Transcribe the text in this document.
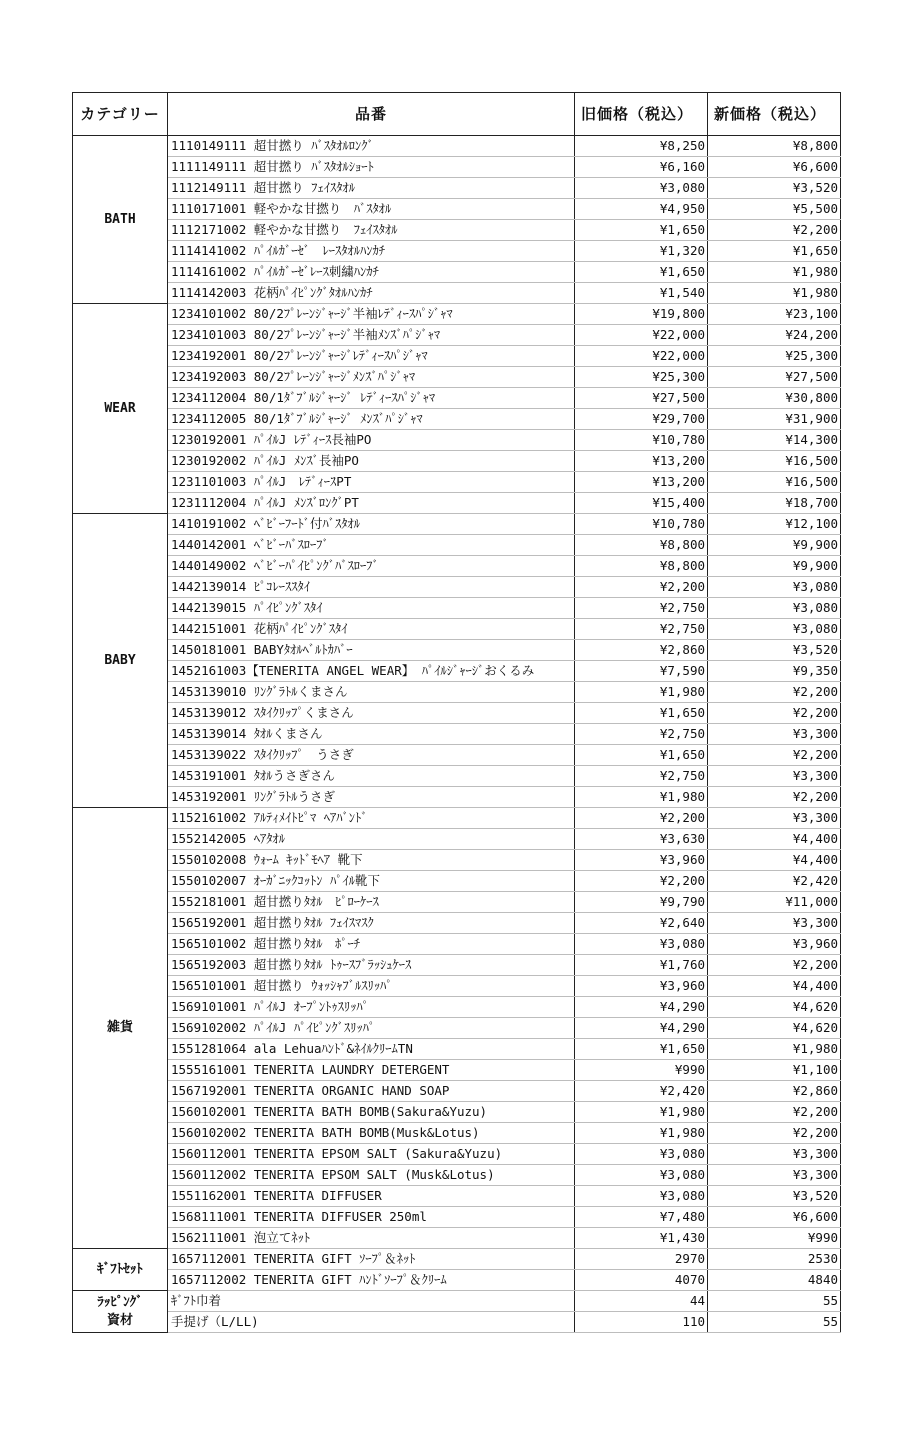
カテゴリー	品番	旧価格（税込）	新価格（税込）
BATH	1110149111 超甘撚り ﾊﾞｽﾀｵﾙﾛﾝｸﾞ	¥8,250	¥8,800
	1111149111 超甘撚り ﾊﾞｽﾀｵﾙｼｮｰﾄ	¥6,160	¥6,600
	1112149111 超甘撚り ﾌｪｲｽﾀｵﾙ	¥3,080	¥3,520
	1110171001 軽やかな甘撚り　ﾊﾞｽﾀｵﾙ	¥4,950	¥5,500
	1112171002 軽やかな甘撚り　ﾌｪｲｽﾀｵﾙ	¥1,650	¥2,200
	1114141002 ﾊﾟｲﾙｶﾞｰｾﾞ　ﾚｰｽﾀｵﾙﾊﾝｶﾁ	¥1,320	¥1,650
	1114161002 ﾊﾟｲﾙｶﾞｰｾﾞﾚｰｽ刺繍ﾊﾝｶﾁ	¥1,650	¥1,980
	1114142003 花柄ﾊﾟｲﾋﾟﾝｸﾞﾀｵﾙﾊﾝｶﾁ	¥1,540	¥1,980
WEAR	1234101002 80/2ﾌﾟﾚｰﾝｼﾞｬｰｼﾞ半袖ﾚﾃﾞｨｰｽﾊﾟｼﾞｬﾏ	¥19,800	¥23,100
	1234101003 80/2ﾌﾟﾚｰﾝｼﾞｬｰｼﾞ半袖ﾒﾝｽﾞﾊﾟｼﾞｬﾏ	¥22,000	¥24,200
	1234192001 80/2ﾌﾟﾚｰﾝｼﾞｬｰｼﾞﾚﾃﾞｨｰｽﾊﾟｼﾞｬﾏ	¥22,000	¥25,300
	1234192003 80/2ﾌﾟﾚｰﾝｼﾞｬｰｼﾞﾒﾝｽﾞﾊﾟｼﾞｬﾏ	¥25,300	¥27,500
	1234112004 80/1ﾀﾞﾌﾞﾙｼﾞｬｰｼﾞ ﾚﾃﾞｨｰｽﾊﾟｼﾞｬﾏ	¥27,500	¥30,800
	1234112005 80/1ﾀﾞﾌﾞﾙｼﾞｬｰｼﾞ ﾒﾝｽﾞﾊﾟｼﾞｬﾏ	¥29,700	¥31,900
	1230192001 ﾊﾟｲﾙJ ﾚﾃﾞｨｰｽ長袖PO	¥10,780	¥14,300
	1230192002 ﾊﾟｲﾙJ ﾒﾝｽﾞ長袖PO	¥13,200	¥16,500
	1231101003 ﾊﾟｲﾙJ　ﾚﾃﾞｨｰｽPT	¥13,200	¥16,500
	1231112004 ﾊﾟｲﾙJ ﾒﾝｽﾞﾛﾝｸﾞPT	¥15,400	¥18,700
BABY	1410191002 ﾍﾞﾋﾞｰﾌｰﾄﾞ付ﾊﾞｽﾀｵﾙ	¥10,780	¥12,100
	1440142001 ﾍﾞﾋﾞｰﾊﾞｽﾛｰﾌﾞ	¥8,800	¥9,900
	1440149002 ﾍﾞﾋﾞｰﾊﾟｲﾋﾟﾝｸﾞﾊﾞｽﾛｰﾌﾞ	¥8,800	¥9,900
	1442139014 ﾋﾟｺﾚｰｽｽﾀｲ	¥2,200	¥3,080
	1442139015 ﾊﾟｲﾋﾟﾝｸﾞｽﾀｲ	¥2,750	¥3,080
	1442151001 花柄ﾊﾟｲﾋﾟﾝｸﾞｽﾀｲ	¥2,750	¥3,080
	1450181001 BABYﾀｵﾙﾍﾞﾙﾄｶﾊﾞｰ	¥2,860	¥3,520
	1452161003【TENERITA ANGEL WEAR】 ﾊﾟｲﾙｼﾞｬｰｼﾞおくるみ	¥7,590	¥9,350
	1453139010 ﾘﾝｸﾞﾗﾄﾙくまさん	¥1,980	¥2,200
	1453139012 ｽﾀｲｸﾘｯﾌﾟくまさん	¥1,650	¥2,200
	1453139014 ﾀｵﾙくまさん	¥2,750	¥3,300
	1453139022 ｽﾀｲｸﾘｯﾌﾟ　うさぎ	¥1,650	¥2,200
	1453191001 ﾀｵﾙうさぎさん	¥2,750	¥3,300
	1453192001 ﾘﾝｸﾞﾗﾄﾙうさぎ	¥1,980	¥2,200
雑貨	1152161002 ｱﾙﾃｨﾒｲﾄﾋﾟﾏ ﾍｱﾊﾞﾝﾄﾞ	¥2,200	¥3,300
	1552142005 ﾍｱﾀｵﾙ	¥3,630	¥4,400
	1550102008 ｳｫｰﾑ ｷｯﾄﾞﾓﾍｱ 靴下	¥3,960	¥4,400
	1550102007 ｵｰｶﾞﾆｯｸｺｯﾄﾝ ﾊﾟｲﾙ靴下	¥2,200	¥2,420
	1552181001 超甘撚りﾀｵﾙ　ﾋﾟﾛｰｹｰｽ	¥9,790	¥11,000
	1565192001 超甘撚りﾀｵﾙ ﾌｪｲｽﾏｽｸ	¥2,640	¥3,300
	1565101002 超甘撚りﾀｵﾙ　ﾎﾟｰﾁ	¥3,080	¥3,960
	1565192003 超甘撚りﾀｵﾙ ﾄｩｰｽﾌﾞﾗｯｼｭｹｰｽ	¥1,760	¥2,200
	1565101001 超甘撚り ｳｫｯｼｬﾌﾞﾙｽﾘｯﾊﾟ	¥3,960	¥4,400
	1569101001 ﾊﾟｲﾙJ ｵｰﾌﾟﾝﾄｩｽﾘｯﾊﾟ	¥4,290	¥4,620
	1569102002 ﾊﾟｲﾙJ ﾊﾟｲﾋﾟﾝｸﾞｽﾘｯﾊﾟ	¥4,290	¥4,620
	1551281064 ala Lehuaﾊﾝﾄﾞ&ﾈｲﾙｸﾘｰﾑTN	¥1,650	¥1,980
	1555161001 TENERITA LAUNDRY DETERGENT	¥990	¥1,100
	1567192001 TENERITA ORGANIC HAND SOAP	¥2,420	¥2,860
	1560102001 TENERITA BATH BOMB(Sakura&Yuzu)	¥1,980	¥2,200
	1560102002 TENERITA BATH BOMB(Musk&Lotus)	¥1,980	¥2,200
	1560112001 TENERITA EPSOM SALT (Sakura&Yuzu)	¥3,080	¥3,300
	1560112002 TENERITA EPSOM SALT (Musk&Lotus)	¥3,080	¥3,300
	1551162001 TENERITA DIFFUSER	¥3,080	¥3,520
	1568111001 TENERITA DIFFUSER 250ml	¥7,480	¥6,600
	1562111001 泡立てﾈｯﾄ	¥1,430	¥990
ｷﾞﾌﾄｾｯﾄ	1657112001 TENERITA GIFT ｿｰﾌﾟ＆ﾈｯﾄ	2970	2530
	1657112002 TENERITA GIFT ﾊﾝﾄﾞｿｰﾌﾟ＆ｸﾘｰﾑ	4070	4840
ﾗｯﾋﾟﾝｸﾞ
資材	ｷﾞﾌﾄ巾着	44	55
	手提げ（L/LL)	110	55
